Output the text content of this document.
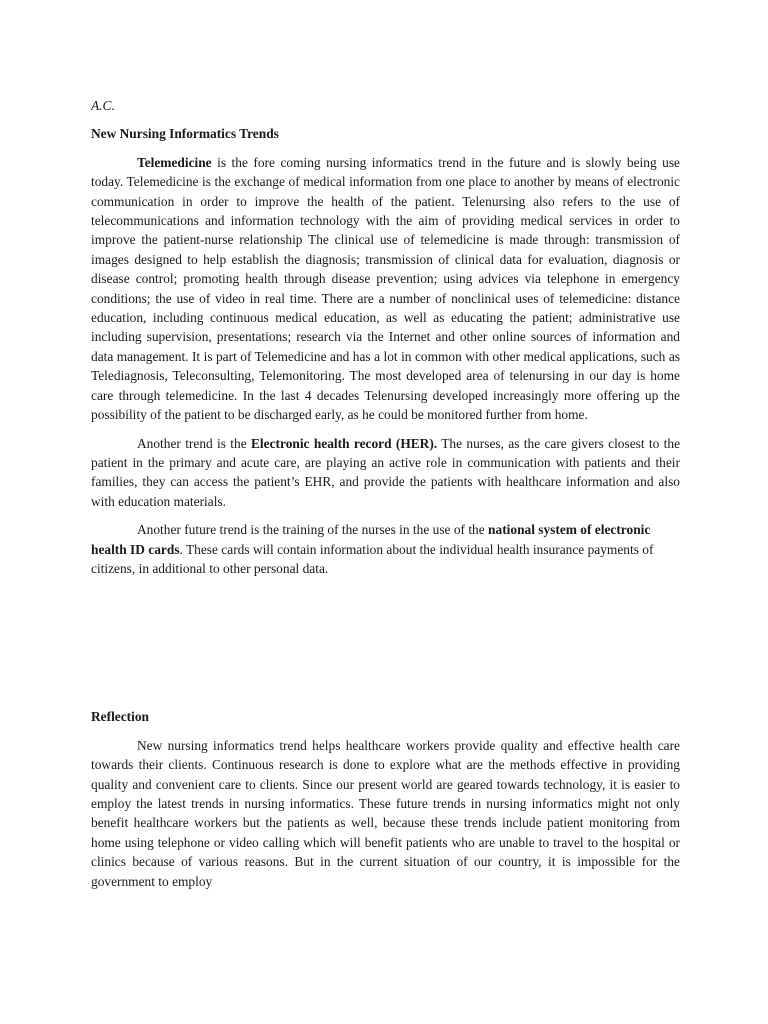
A.C.
New Nursing Informatics Trends

Telemedicine is the fore coming nursing informatics trend in the future and is slowly being use today. Telemedicine is the exchange of medical information from one place to another by means of electronic communication in order to improve the health of the patient. Telenursing also refers to the use of telecommunications and information technology with the aim of providing medical services in order to improve the patient-nurse relationship The clinical use of telemedicine is made through: transmission of images designed to help establish the diagnosis; transmission of clinical data for evaluation, diagnosis or disease control; promoting health through disease prevention; using advices via telephone in emergency conditions; the use of video in real time. There are a number of nonclinical uses of telemedicine: distance education, including continuous medical education, as well as educating the patient; administrative use including supervision, presentations; research via the Internet and other online sources of information and data management. It is part of Telemedicine and has a lot in common with other medical applications, such as Telediagnosis, Teleconsulting, Telemonitoring. The most developed area of telenursing in our day is home care through telemedicine. In the last 4 decades Telenursing developed increasingly more offering up the possibility of the patient to be discharged early, as he could be monitored further from home.

Another trend is the Electronic health record (HER). The nurses, as the care givers closest to the patient in the primary and acute care, are playing an active role in communication with patients and their families, they can access the patient’s EHR, and provide the patients with healthcare information and also with education materials.

Another future trend is the training of the nurses in the use of the national system of electronic health ID cards. These cards will contain information about the individual health insurance payments of citizens, in additional to other personal data.

Reflection

New nursing informatics trend helps healthcare workers provide quality and effective health care towards their clients. Continuous research is done to explore what are the methods effective in providing quality and convenient care to clients. Since our present world are geared towards technology, it is easier to employ the latest trends in nursing informatics. These future trends in nursing informatics might not only benefit healthcare workers but the patients as well, because these trends include patient monitoring from home using telephone or video calling which will benefit patients who are unable to travel to the hospital or clinics because of various reasons. But in the current situation of our country, it is impossible for the government to employ
